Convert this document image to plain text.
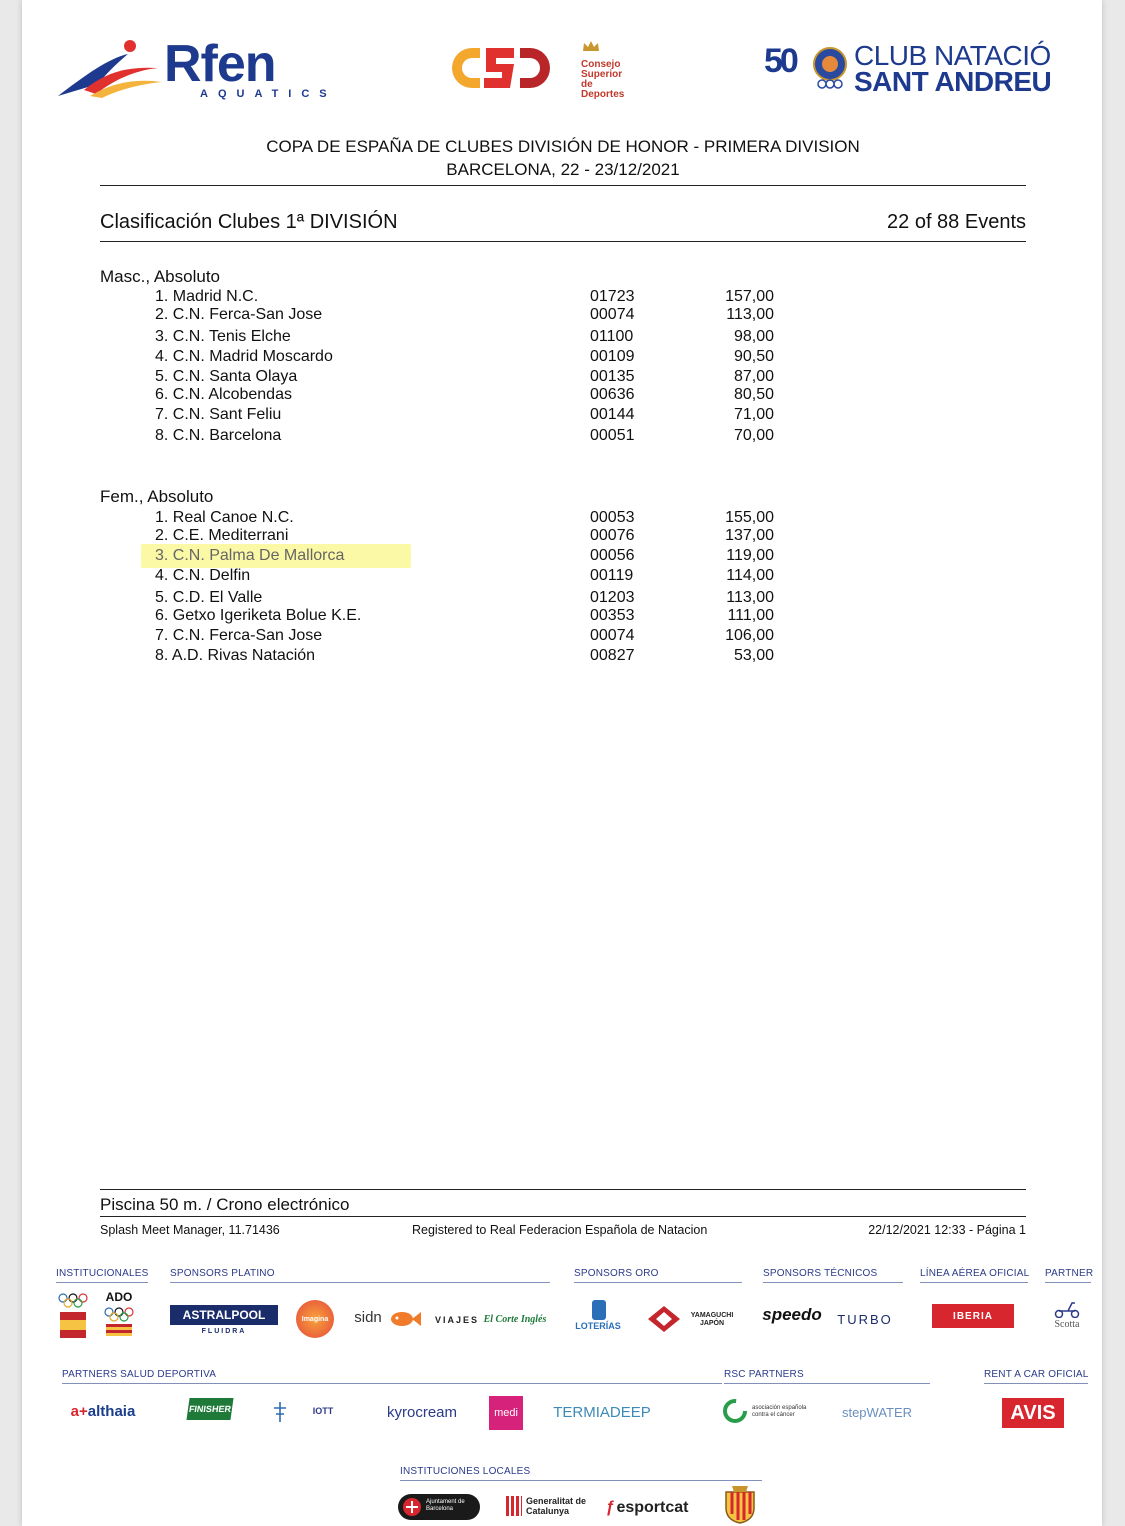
Rfen
AQUATICS
Consejo
Superior
de Deportes
50 CLUB NATACIÓ
SANT ANDREU
COPA DE ESPAÑA DE CLUBES DIVISIÓN DE HONOR - PRIMERA DIVISION
BARCELONA, 22 - 23/12/2021
Clasificación Clubes 1ª DIVISIÓN	22 of 88 Events
Masc., Absoluto
1. Madrid N.C.	01723	157,00
2. C.N. Ferca-San Jose	00074	113,00
3. C.N. Tenis Elche	01100	98,00
4. C.N. Madrid Moscardo	00109	90,50
5. C.N. Santa Olaya	00135	87,00
6. C.N. Alcobendas	00636	80,50
7. C.N. Sant Feliu	00144	71,00
8. C.N. Barcelona	00051	70,00
Fem., Absoluto
1. Real Canoe N.C.	00053	155,00
2. C.E. Mediterrani	00076	137,00
3. C.N. Palma De Mallorca	00056	119,00
4. C.N. Delfin	00119	114,00
5. C.D. El Valle	01203	113,00
6. Getxo Igeriketa Bolue K.E.	00353	111,00
7. C.N. Ferca-San Jose	00074	106,00
8. A.D. Rivas Natación	00827	53,00
Piscina 50 m. / Crono electrónico
Splash Meet Manager, 11.71436	Registered to Real Federacion Española de Natacion	22/12/2021 12:33 - Página 1
INSTITUCIONALES SPONSORS PLATINO	SPONSORS ORO	SPONSORS TÉCNICOS	LÍNEA AÉREA OFICIAL PARTNER
ADO
ASTRALPOOL
FLUIDRA
Imagina	sidn	VIAJES El Corte Inglés
LOTERÍAS
YAMAGUCHI JAPÓN	speedo TURBO	IBERIA
Scotta
PARTNERS SALUD DEPORTIVA	RSC PARTNERS	RENT A CAR OFICIAL
a+ althaia	FINISHER	IOTT	kyrocream	medi	TERMIADEEP	asociación española contra el cáncer	stepWATER	AVIS
INSTITUCIONES LOCALES
Ajuntament de Barcelona
Generalitat de Catalunya	ƒ esportcat
